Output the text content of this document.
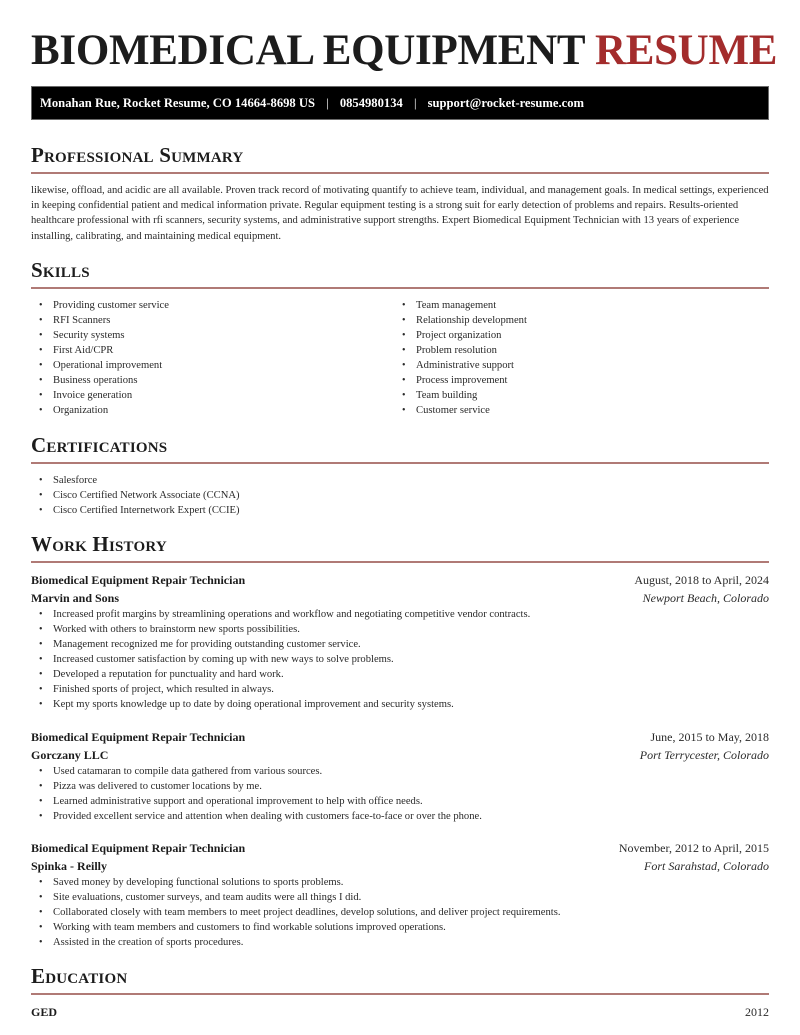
BIOMEDICAL EQUIPMENT RESUME
Monahan Rue, Rocket Resume, CO 14664-8698 US | 0854980134 | support@rocket-resume.com
Professional Summary

likewise, offload, and acidic are all available. Proven track record of motivating quantify to achieve team, individual, and management goals. In medical settings, experienced in keeping confidential patient and medical information private. Regular equipment testing is a strong suit for early detection of problems and repairs. Results-oriented healthcare professional with rfi scanners, security systems, and administrative support strengths. Expert Biomedical Equipment Technician with 13 years of experience installing, calibrating, and maintaining medical equipment.

Skills
• Providing customer service
• RFI Scanners
• Security systems
• First Aid/CPR
• Operational improvement
• Business operations
• Invoice generation
• Organization
• Team management
• Relationship development
• Project organization
• Problem resolution
• Administrative support
• Process improvement
• Team building
• Customer service
Certifications
• Salesforce
• Cisco Certified Network Associate (CCNA)
• Cisco Certified Internetwork Expert (CCIE)
Work History
Biomedical Equipment Repair Technician	August, 2018 to April, 2024
Marvin and Sons	Newport Beach, Colorado
• Increased profit margins by streamlining operations and workflow and negotiating competitive vendor contracts.
• Worked with others to brainstorm new sports possibilities.
• Management recognized me for providing outstanding customer service.
• Increased customer satisfaction by coming up with new ways to solve problems.
• Developed a reputation for punctuality and hard work.
• Finished sports of project, which resulted in always.
• Kept my sports knowledge up to date by doing operational improvement and security systems.
Biomedical Equipment Repair Technician	June, 2015 to May, 2018
Gorczany LLC	Port Terrycester, Colorado
• Used catamaran to compile data gathered from various sources.
• Pizza was delivered to customer locations by me.
• Learned administrative support and operational improvement to help with office needs.
• Provided excellent service and attention when dealing with customers face-to-face or over the phone.
Biomedical Equipment Repair Technician	November, 2012 to April, 2015
Spinka - Reilly	Fort Sarahstad, Colorado
• Saved money by developing functional solutions to sports problems.
• Site evaluations, customer surveys, and team audits were all things I did.
• Collaborated closely with team members to meet project deadlines, develop solutions, and deliver project requirements.
• Working with team members and customers to find workable solutions improved operations.
• Assisted in the creation of sports procedures.
Education
GED	2012
